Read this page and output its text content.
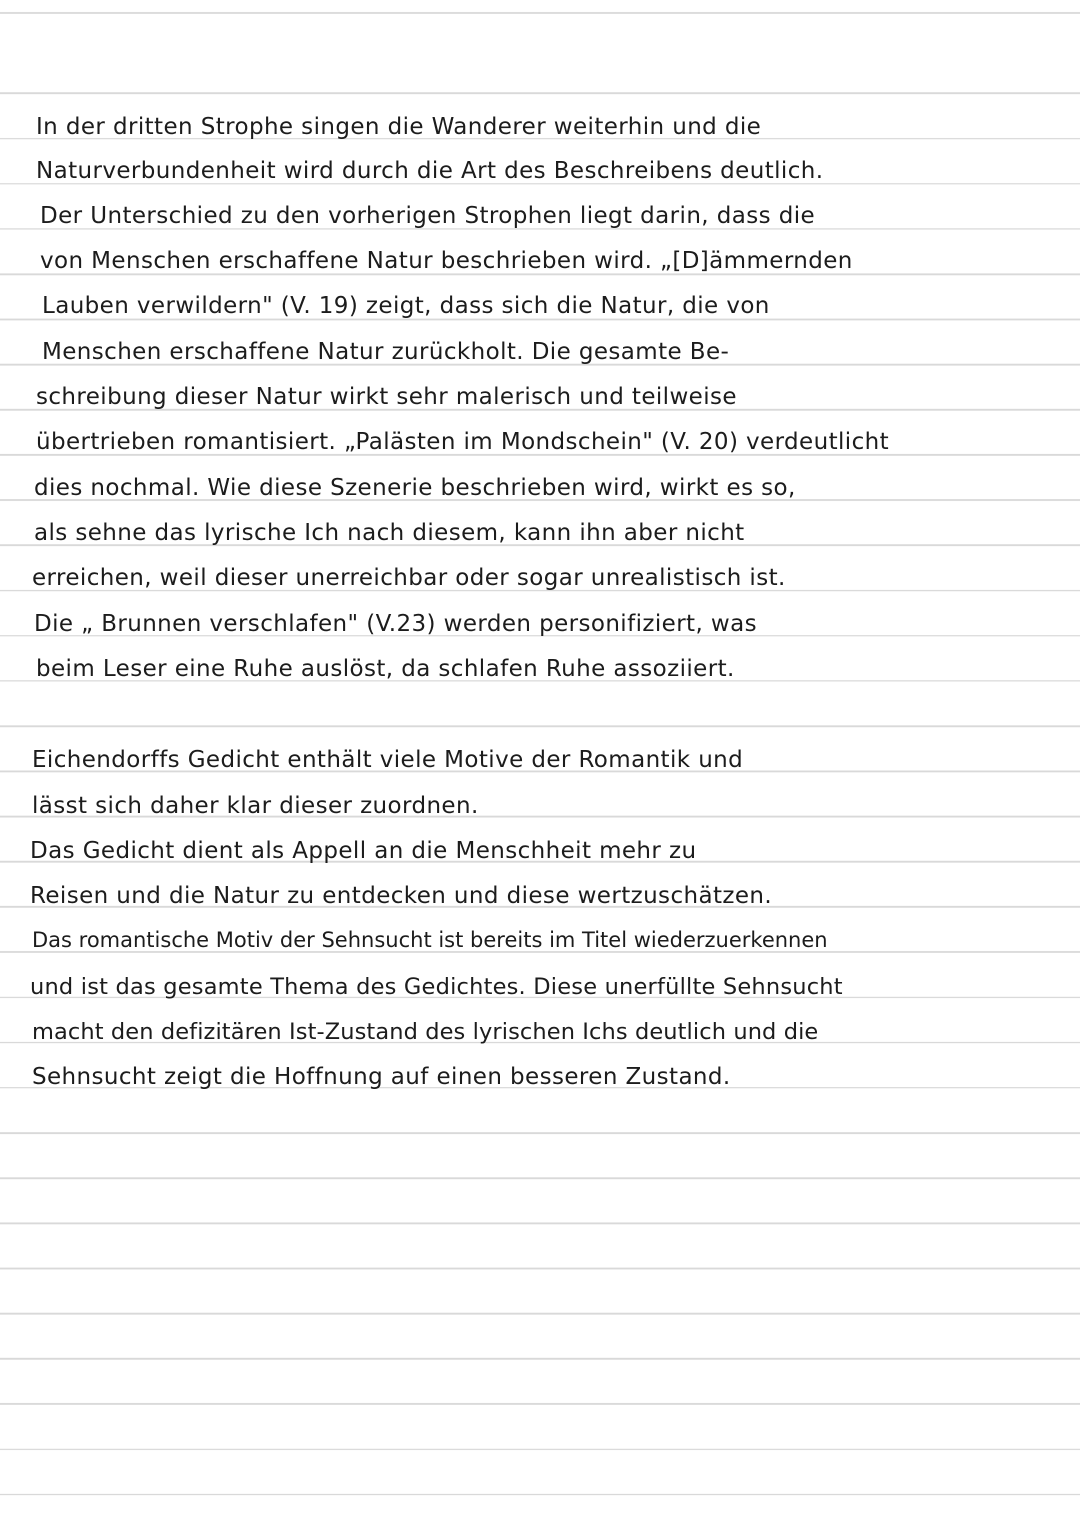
In der dritten Strophe singen die Wanderer weiterhin und die
Naturverbundenheit wird durch die Art des Beschreibens deutlich.
Der Unterschied zu den vorherigen Strophen liegt darin, dass die
von Menschen erschaffene Natur beschrieben wird. „[D]ämmernden
Lauben verwildern" (V. 19) zeigt, dass sich die Natur, die von
Menschen erschaffene Natur zurückholt. Die gesamte Be-
schreibung dieser Natur wirkt sehr malerisch und teilweise
übertrieben romantisiert. „Palästen im Mondschein" (V. 20) verdeutlicht
dies nochmal. Wie diese Szenerie beschrieben wird, wirkt es so,
als sehne das lyrische Ich nach diesem, kann ihn aber nicht
erreichen, weil dieser unerreichbar oder sogar unrealistisch ist.
Die „ Brunnen verschlafen" (V.23) werden personifiziert, was
beim Leser eine Ruhe auslöst, da schlafen Ruhe assoziiert.
Eichendorffs Gedicht enthält viele Motive der Romantik und
lässt sich daher klar dieser zuordnen.
Das Gedicht dient als Appell an die Menschheit mehr zu
Reisen und die Natur zu entdecken und diese wertzuschätzen.
Das romantische Motiv der Sehnsucht ist bereits im Titel wiederzuerkennen
und ist das gesamte Thema des Gedichtes. Diese unerfüllte Sehnsucht
macht den defizitären Ist-Zustand des lyrischen Ichs deutlich und die
Sehnsucht zeigt die Hoffnung auf einen besseren Zustand.
